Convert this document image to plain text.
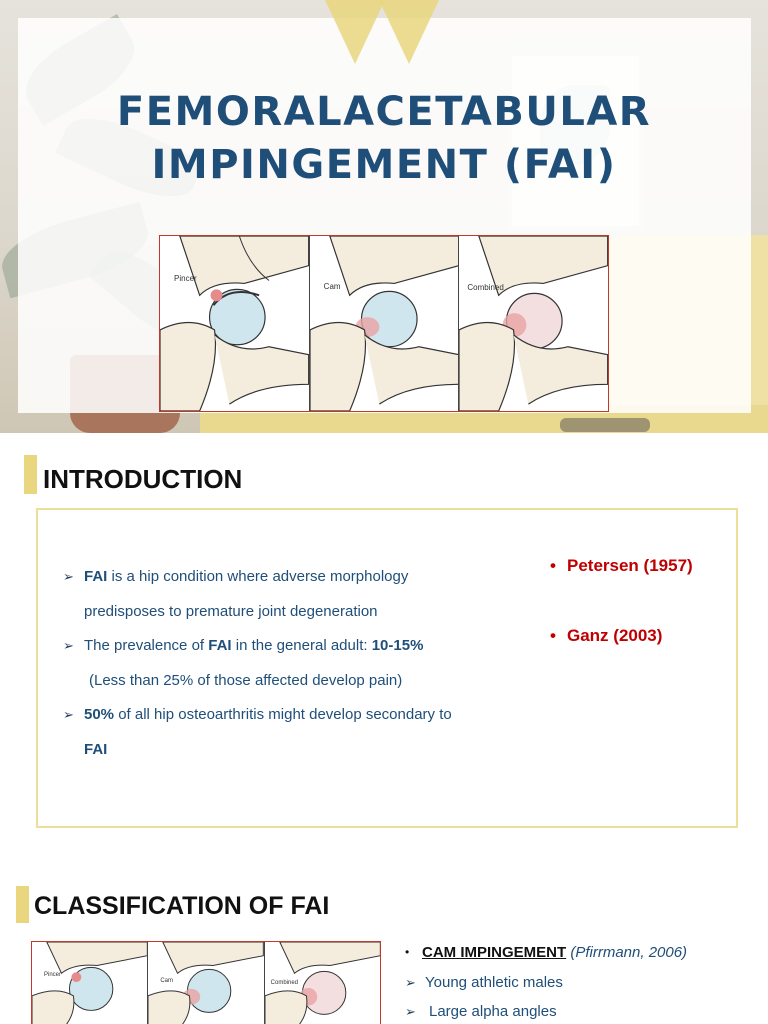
FEMORALACETABULAR IMPINGEMENT (FAI)
Pincer
Cam	Combined
INTRODUCTION
➢ FAI is a hip condition where adverse morphology
predisposes to premature joint degeneration
➢ The prevalence of FAI in the general adult: 10-15%
(Less than 25% of those affected develop pain)
➢ 50% of all hip osteoarthritis might develop secondary to
FAI
• Petersen (1957)
• Ganz (2003)
CLASSIFICATION OF FAI
Pincer
Cam	Combined
• CAM IMPINGEMENT (Pfirrmann, 2006)
➢ Young athletic males
➢ Large alpha angles
